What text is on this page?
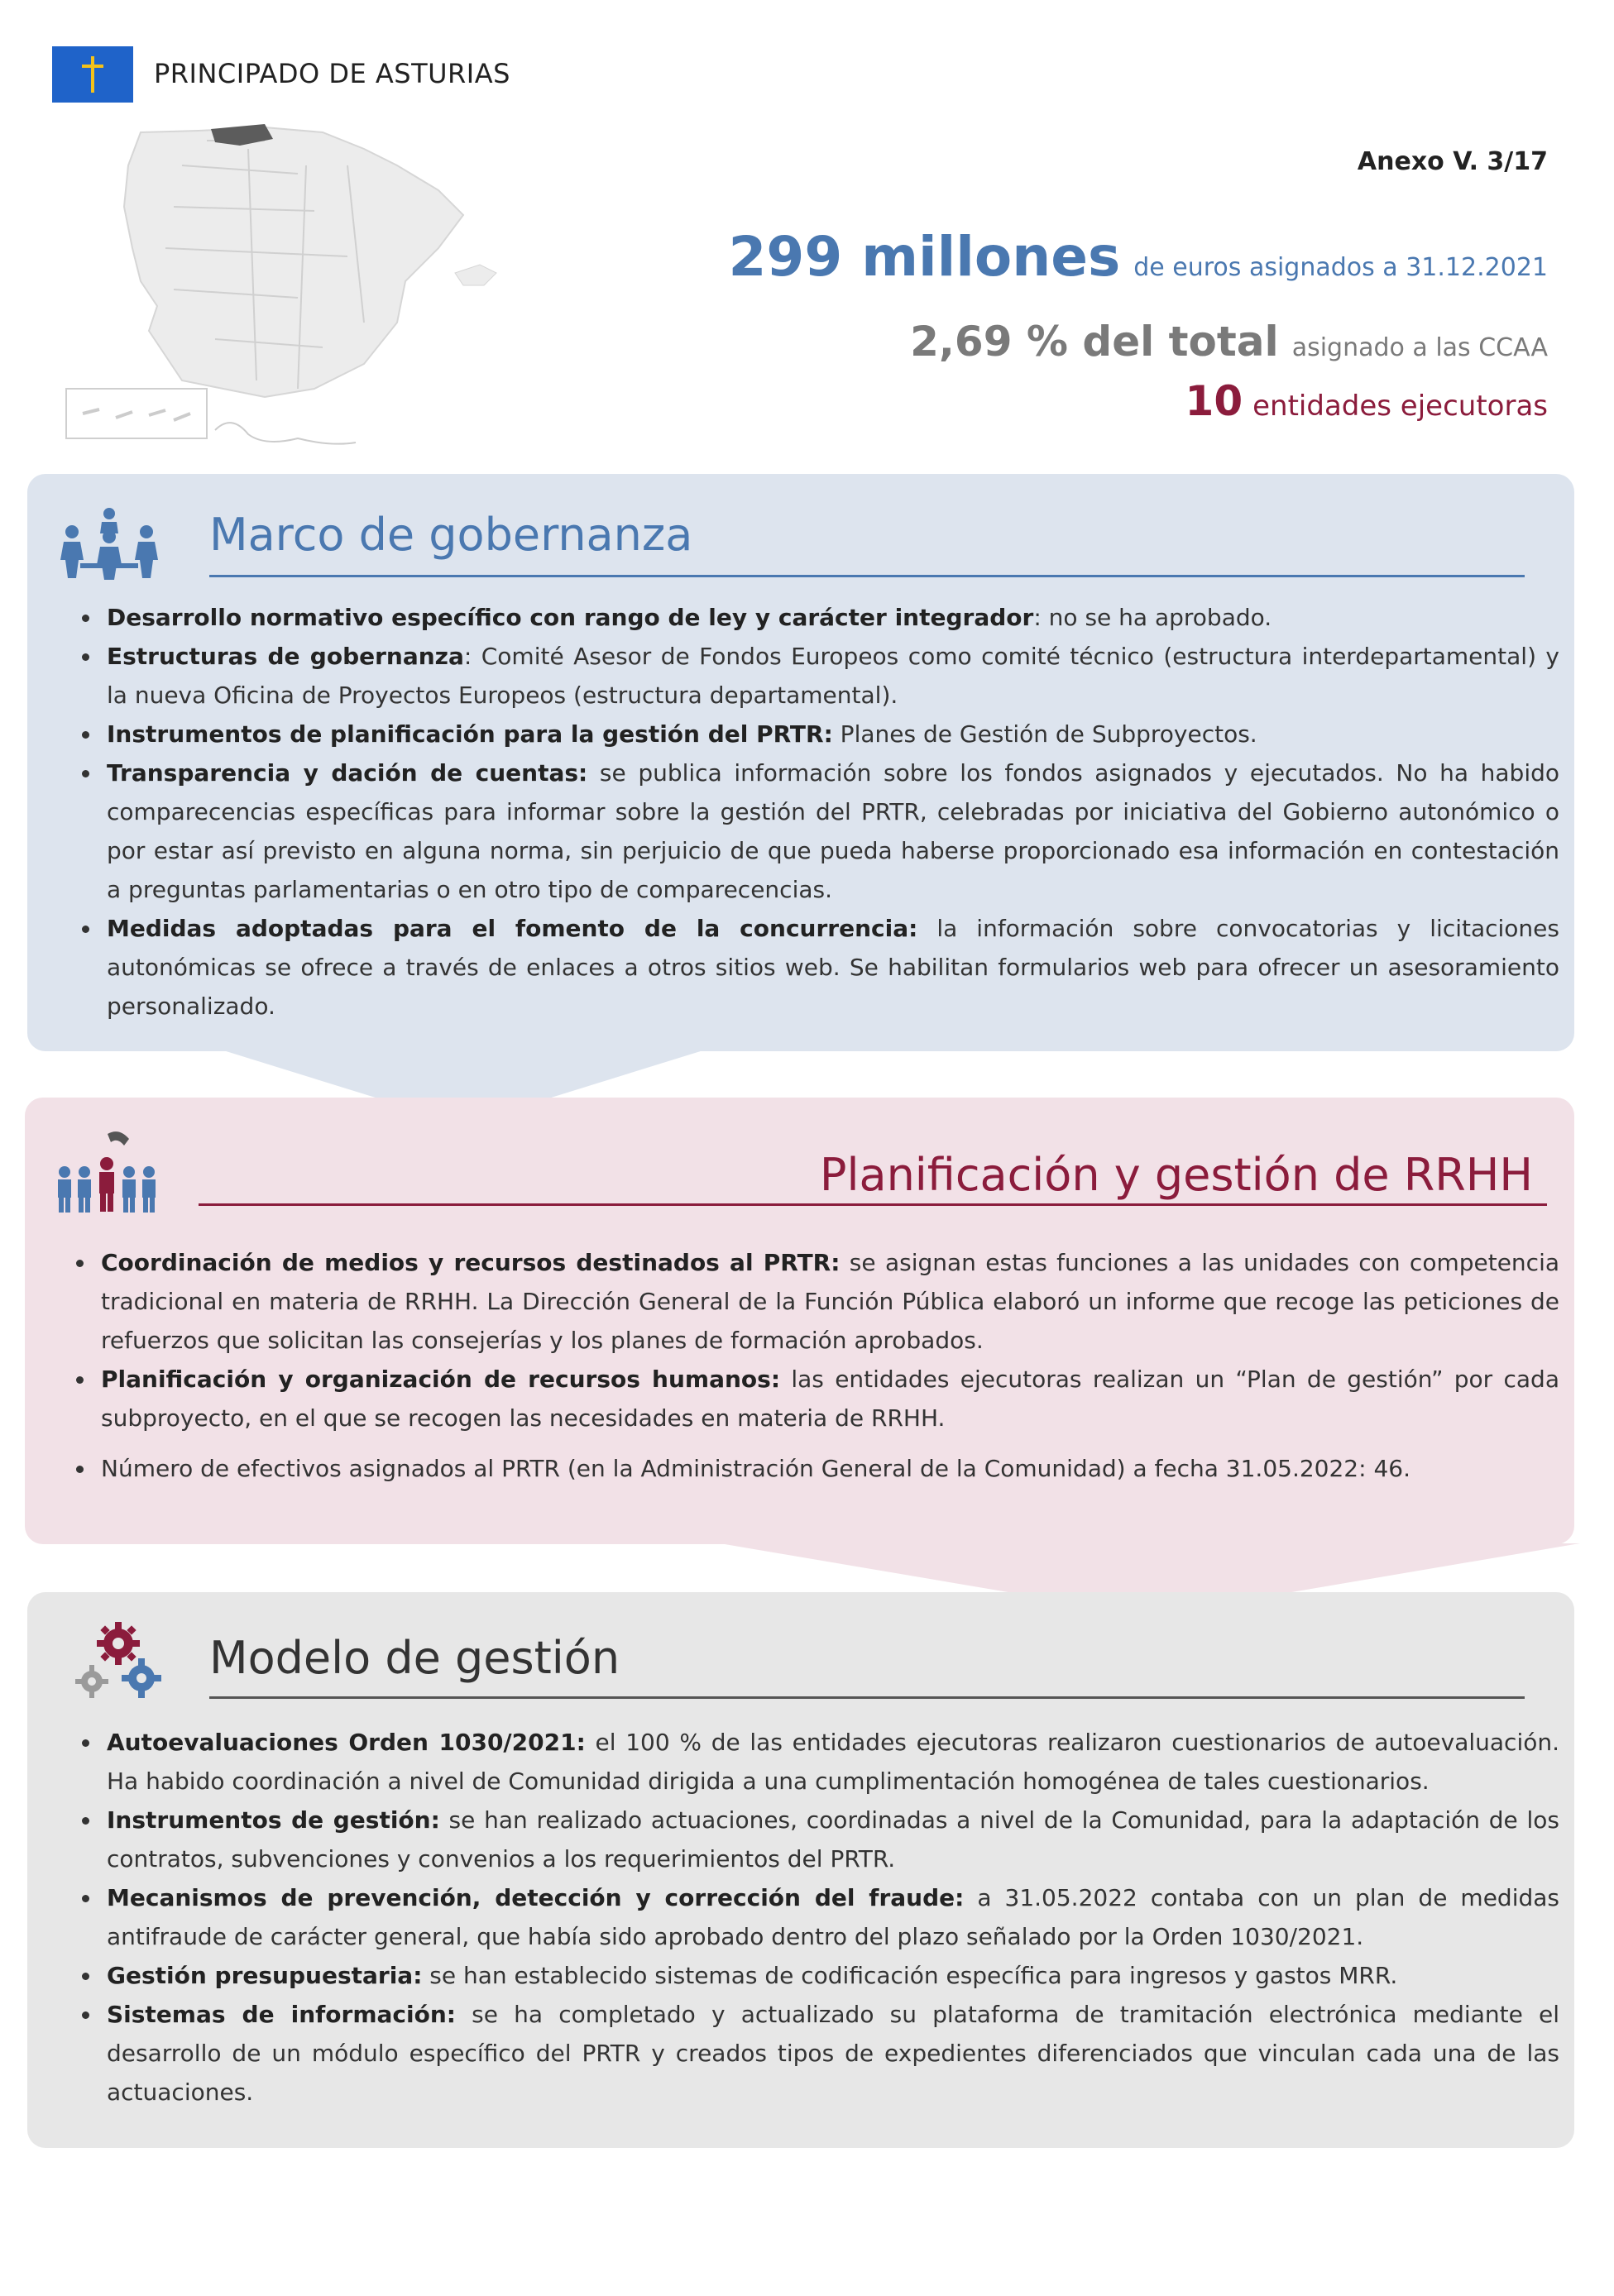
PRINCIPADO DE ASTURIAS
Anexo V. 3/17
299 millones de euros asignados a 31.12.2021
2,69 % del total asignado a las CCAA
10 entidades ejecutoras
Marco de gobernanza
Desarrollo normativo específico con rango de ley y carácter integrador: no se ha aprobado.
Estructuras de gobernanza: Comité Asesor de Fondos Europeos como comité técnico (estructura interdepartamental) y la nueva Oficina de Proyectos Europeos (estructura departamental).
Instrumentos de planificación para la gestión del PRTR: Planes de Gestión de Subproyectos.
Transparencia y dación de cuentas: se publica información sobre los fondos asignados y ejecutados. No ha habido comparecencias específicas para informar sobre la gestión del PRTR, celebradas por iniciativa del Gobierno autonómico o por estar así previsto en alguna norma, sin perjuicio de que pueda haberse proporcionado esa información en contestación a preguntas parlamentarias o en otro tipo de comparecencias.
Medidas adoptadas para el fomento de la concurrencia: la información sobre convocatorias y licitaciones autonómicas se ofrece a través de enlaces a otros sitios web. Se habilitan formularios web para ofrecer un asesoramiento personalizado.
Planificación y gestión de RRHH
Coordinación de medios y recursos destinados al PRTR: se asignan estas funciones a las unidades con competencia tradicional en materia de RRHH. La Dirección General de la Función Pública elaboró un informe que recoge las peticiones de refuerzos que solicitan las consejerías y los planes de formación aprobados.
Planificación y organización de recursos humanos: las entidades ejecutoras realizan un “Plan de gestión” por cada subproyecto, en el que se recogen las necesidades en materia de RRHH.
Número de efectivos asignados al PRTR (en la Administración General de la Comunidad) a fecha 31.05.2022: 46.
Modelo de gestión
Autoevaluaciones Orden 1030/2021: el 100 % de las entidades ejecutoras realizaron cuestionarios de autoevaluación. Ha habido coordinación a nivel de Comunidad dirigida a una cumplimentación homogénea de tales cuestionarios.
Instrumentos de gestión: se han realizado actuaciones, coordinadas a nivel de la Comunidad, para la adaptación de los contratos, subvenciones y convenios a los requerimientos del PRTR.
Mecanismos de prevención, detección y corrección del fraude: a 31.05.2022 contaba con un plan de medidas antifraude de carácter general, que había sido aprobado dentro del plazo señalado por la Orden 1030/2021.
Gestión presupuestaria: se han establecido sistemas de codificación específica para ingresos y gastos MRR.
Sistemas de información: se ha completado y actualizado su plataforma de tramitación electrónica mediante el desarrollo de un módulo específico del PRTR y creados tipos de expedientes diferenciados que vinculan cada una de las actuaciones.
